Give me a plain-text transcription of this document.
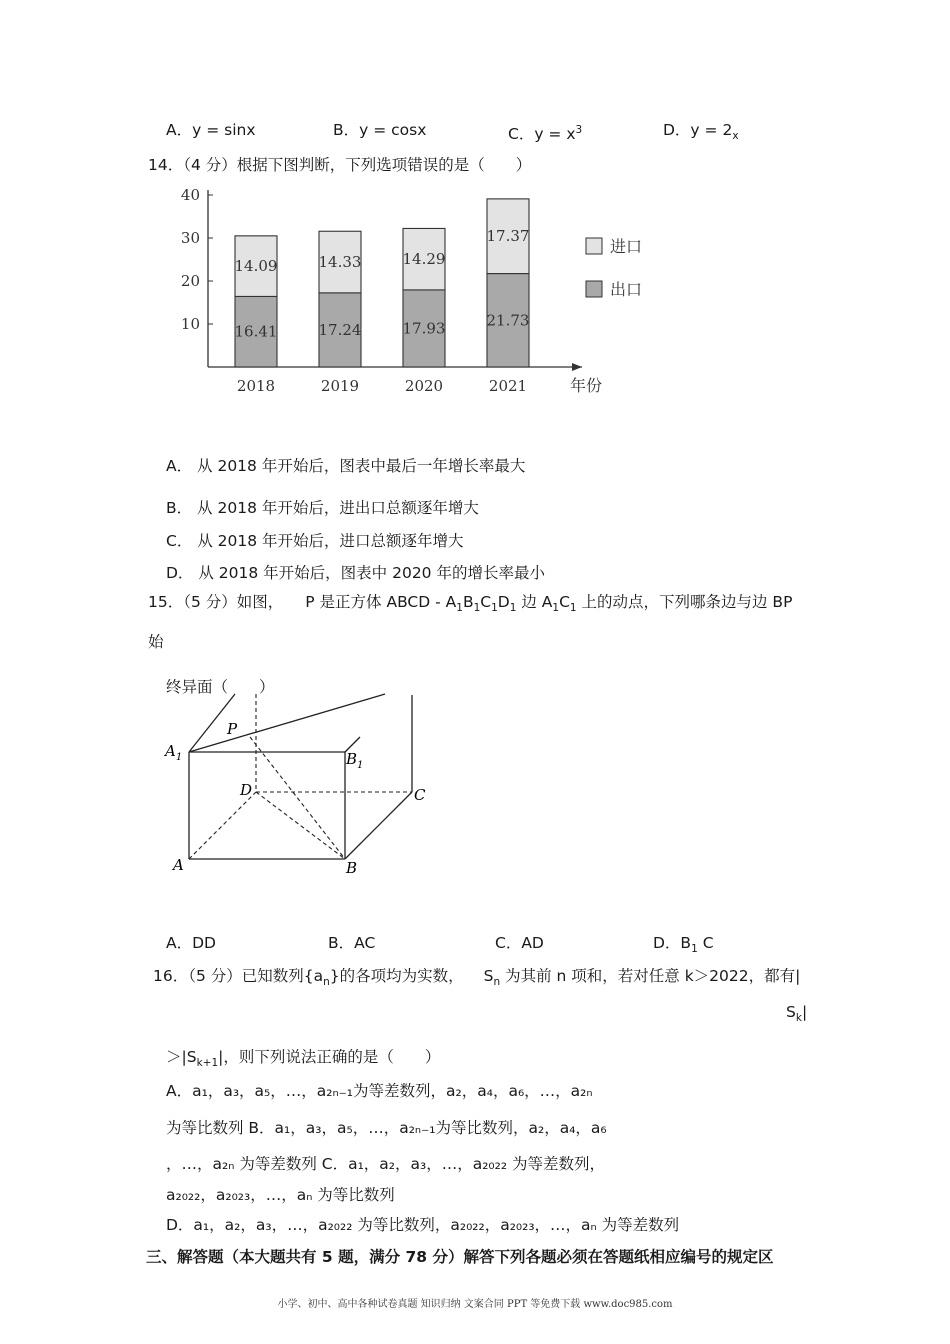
A．y = sinx	B．y = cosx	C．$y = x^3$	D．$y = 2_x$
14．（4 分）根据下图判断，下列选项错误的是（　　）
10
20
30
40
2018	2019	2020	2021	年份
16.41
14.09
17.24
14.33
17.93
14.29
21.73
17.37
进口
出口
A． 从 2018 年开始后，图表中最后一年增长率最大
B． 从 2018 年开始后，进出口总额逐年增大
C． 从 2018 年开始后，进口总额逐年增大
D． 从 2018 年开始后，图表中 2020 年的增长率最小
15．（5 分）如图， P 是正方体 ABCD - $A_1B_1C_1D_1$ 边 $A_1C_1$ 上的动点，下列哪条边与边 BP
始
终异面（　　）
$A_1$
P
$B_1$
D	C
A	B
A．DD	B．AC	C．AD	D．$B_1$ C
16．（5 分）已知数列$\{a_n\}$的各项均为实数， $S_n$ 为其前 n 项和，若对任意 k＞2022，都有|
$S_k|$
$>|S_{k+1}|$，则下列说法正确的是（　　）
A．a₁，a₃，a₅，…，a₂ₙ₋₁为等差数列，a₂，a₄，a₆，…，a₂ₙ
为等比数列 B．a₁，a₃，a₅，…，a₂ₙ₋₁为等比数列，a₂，a₄，a₆
，…，a₂ₙ 为等差数列 C．a₁，a₂，a₃，…，a₂₀₂₂ 为等差数列，
a₂₀₂₂，a₂₀₂₃，…，aₙ 为等比数列
D．a₁，a₂，a₃，…，a₂₀₂₂ 为等比数列，a₂₀₂₂，a₂₀₂₃，…，aₙ 为等差数列
三、解答题（本大题共有 5 题，满分 78 分）解答下列各题必须在答题纸相应编号的规定区
小学、初中、高中各种试卷真题 知识归纳 文案合同 PPT 等免费下载 www.doc985.com
